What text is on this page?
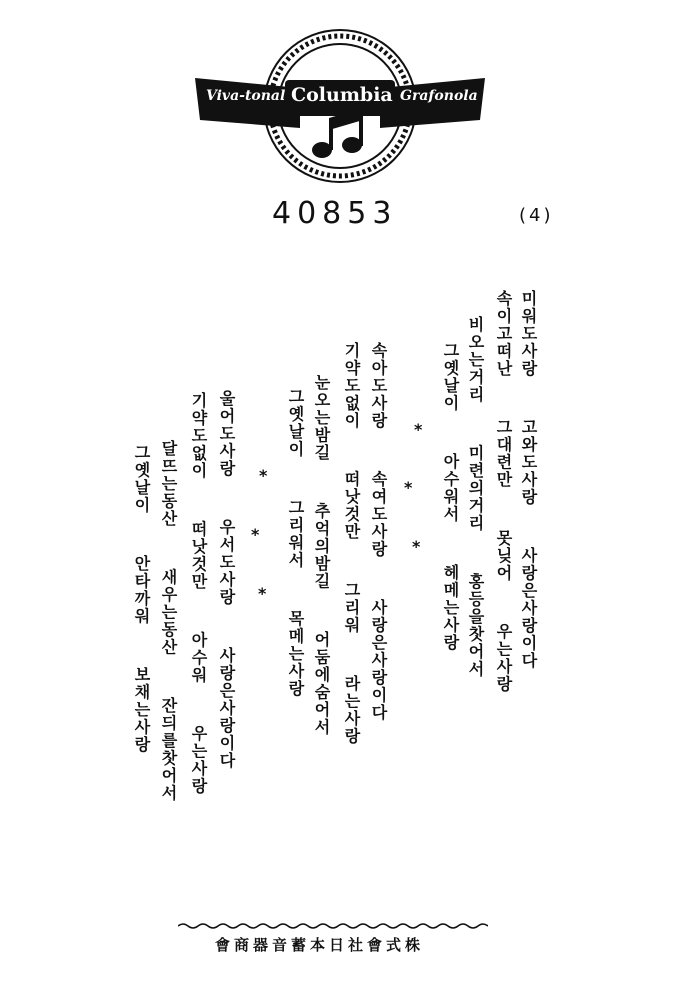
Viva-tonal Columbia Grafonola
40853	(4)
미워도사랑  고와도사랑  사랑은사랑이다
속이고떠난  그대련만  못닞어  우는사랑
비오는거리  미련의거리  홍등을찻어서
그옛날이  아수워서  헤메는사랑
*
*
*
속아도사랑  속여도사랑  사랑은사랑이다
기약도없이  떠낫것만  그리워  라는사랑
눈오는밤길  추억의밤길  어둠에숨어서
그옛날이  그리워서  목메는사랑
*
*
*
울어도사랑  우서도사랑  사랑은사랑이다
기약도없이  떠낫것만  아수워  우는사랑
달뜨는동산  새우는동산  잔듸를찻어서
그옛날이  안타까워  보채는사랑
會商器音蓄本日社會式株
